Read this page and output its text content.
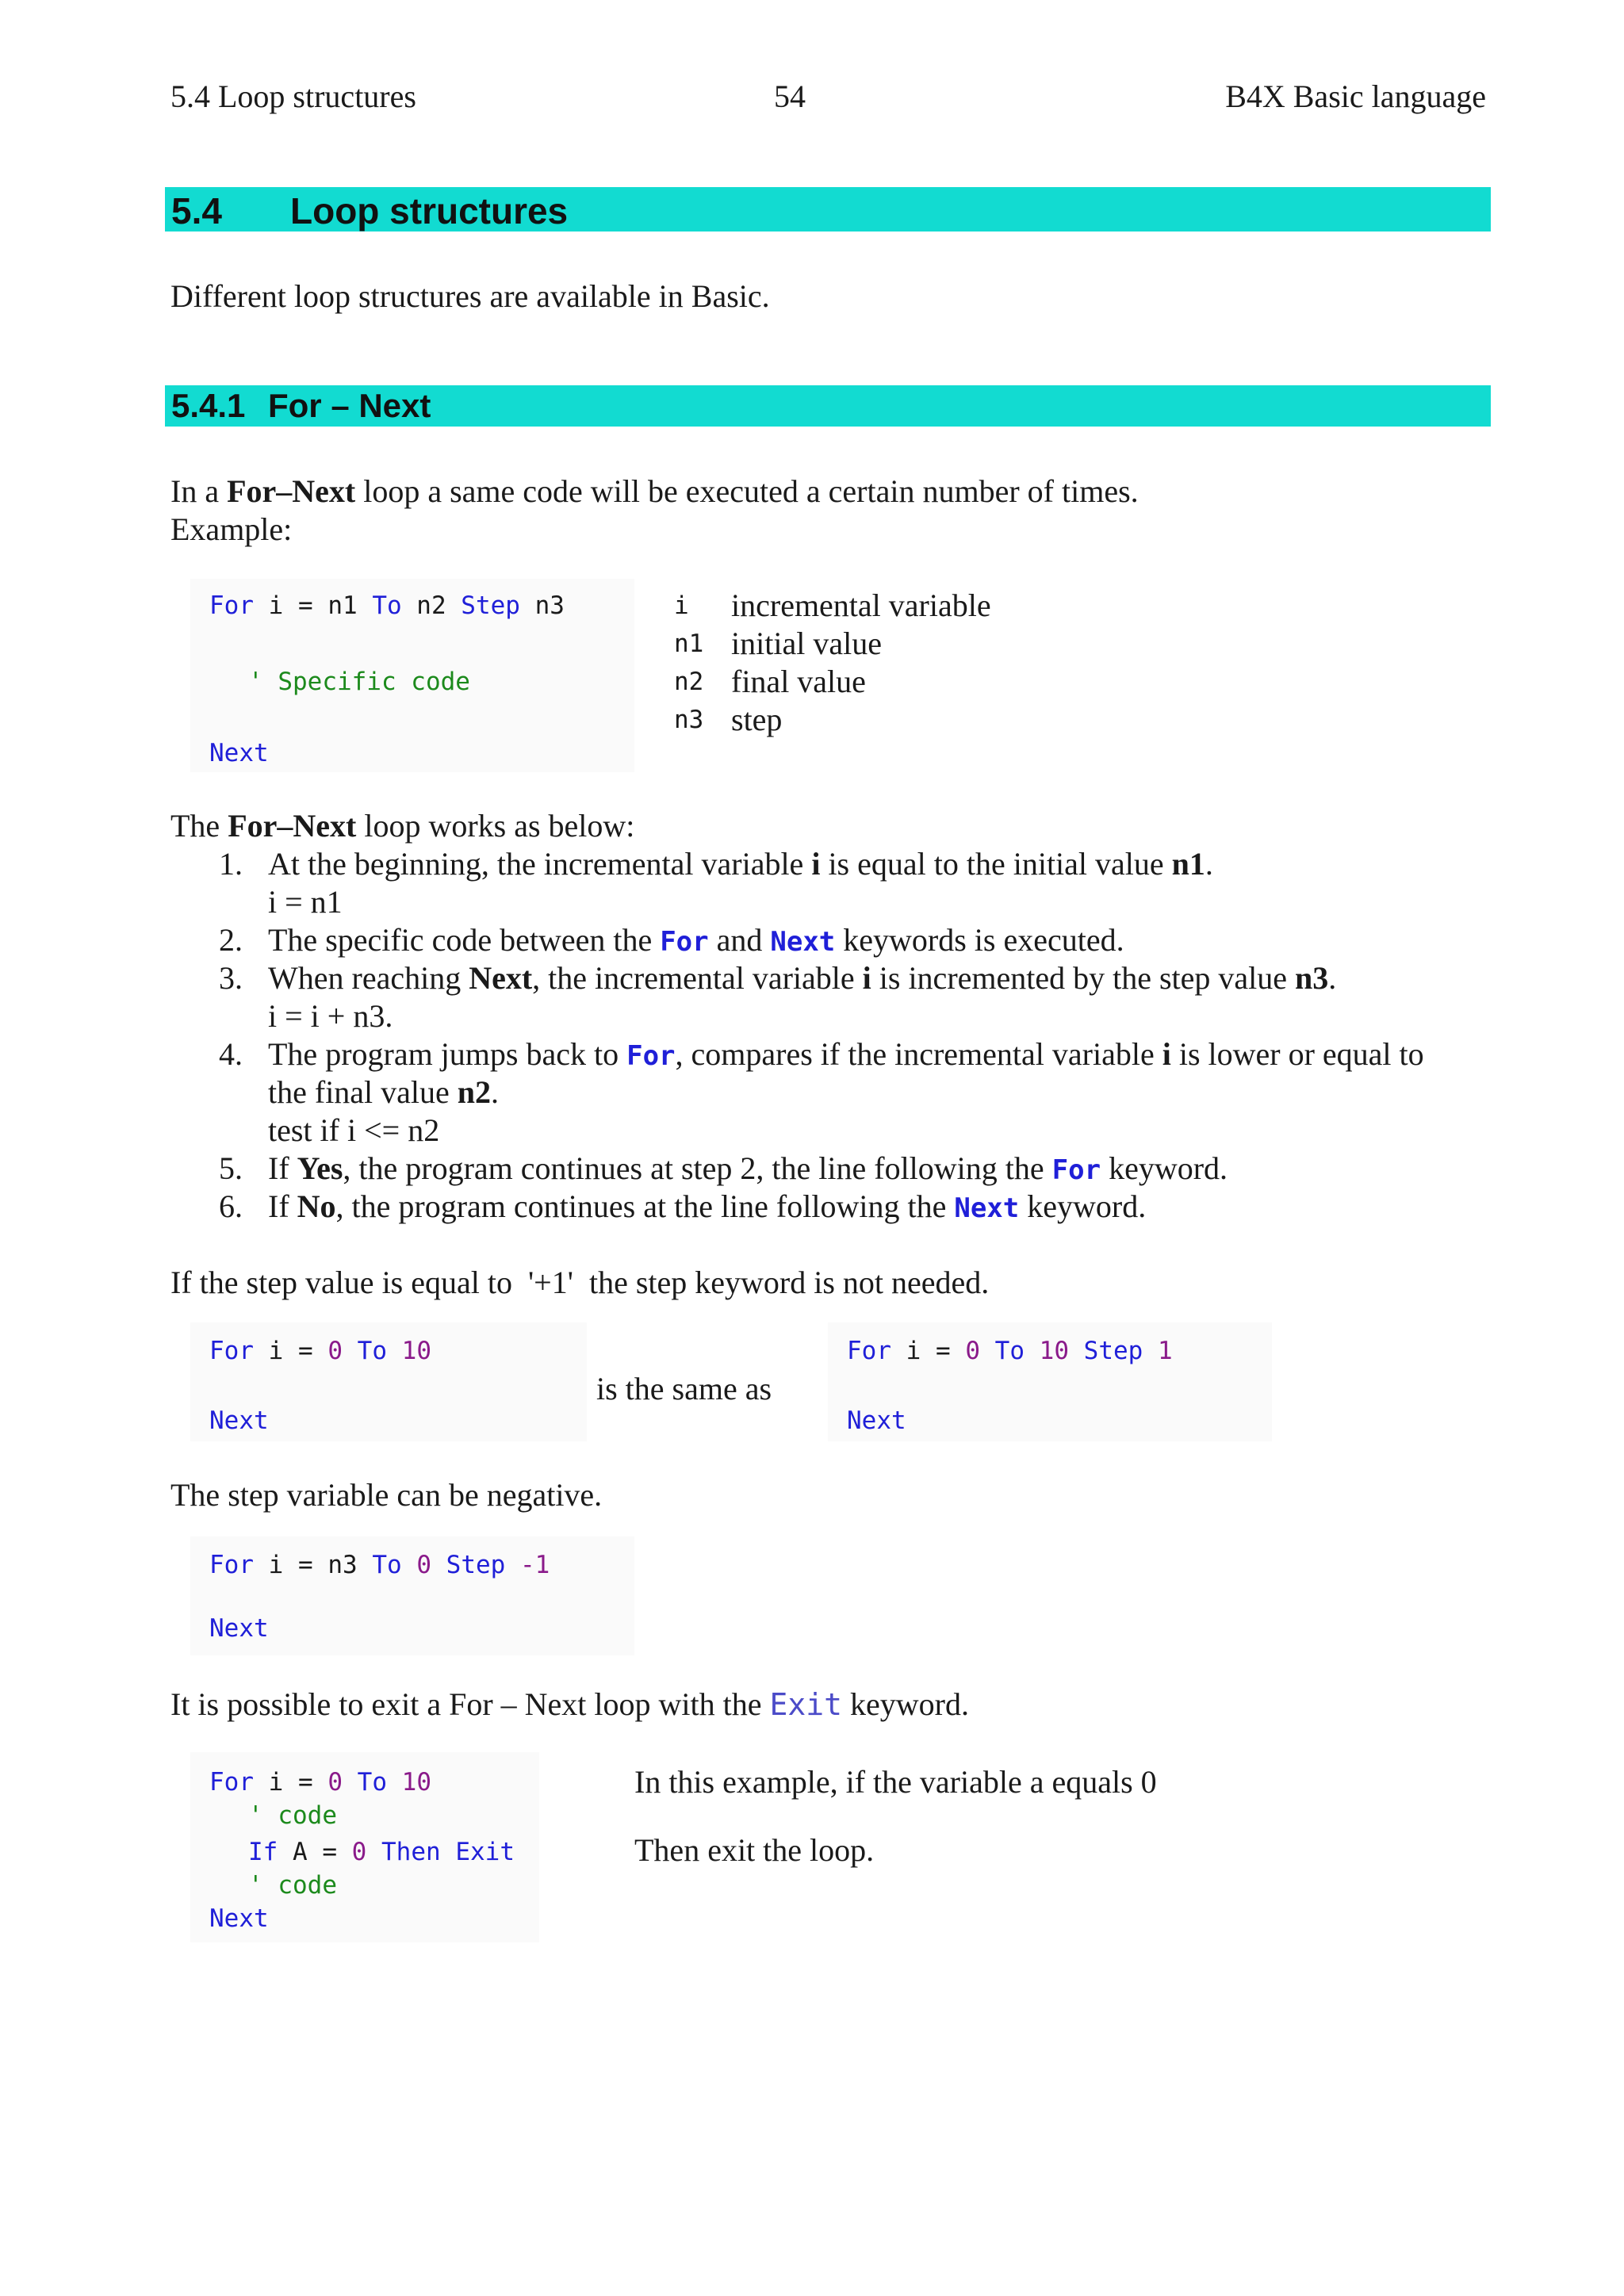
5.4 Loop structures	54	B4X Basic language
5.4 Loop structures
Different loop structures are available in Basic.
5.4.1 For – Next
In a For–Next loop a same code will be executed a certain number of times.
Example:
For i = n1 To n2 Step n3
' Specific code
Next
i incremental variable
n1 initial value
n2 final value
n3 step
The For–Next loop works as below:
1. At the beginning, the incremental variable i is equal to the initial value n1.
i = n1
2. The specific code between the For and Next keywords is executed.
3. When reaching Next, the incremental variable i is incremented by the step value n3.
i = i + n3.
4. The program jumps back to For, compares if the incremental variable i is lower or equal to
the final value n2.
test if i <= n2
5. If Yes, the program continues at step 2, the line following the For keyword.
6. If No, the program continues at the line following the Next keyword.
If the step value is equal to  '+1'  the step keyword is not needed.
For i = 0 To 10
Next
is the same as
For i = 0 To 10 Step 1
Next
The step variable can be negative.
For i = n3 To 0 Step -1
Next
It is possible to exit a For – Next loop with the Exit keyword.
For i = 0 To 10
' code
If A = 0 Then Exit
' code
Next
In this example, if the variable a equals 0
Then exit the loop.
